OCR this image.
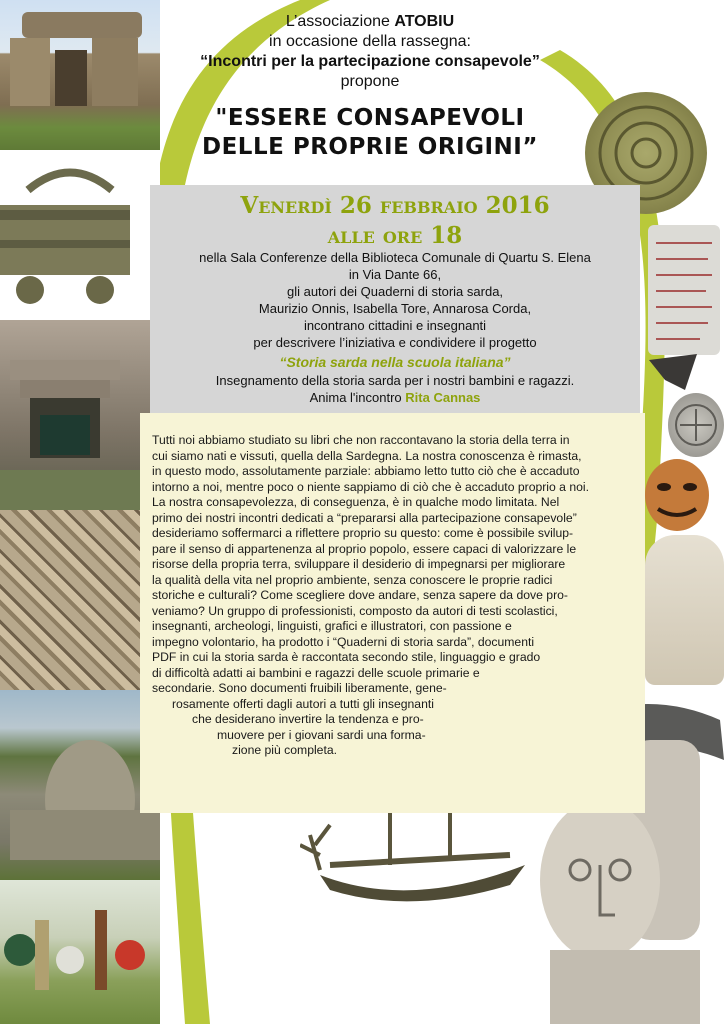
L’associazione ATOBIU
in occasione della rassegna:
“Incontri per la partecipazione consapevole”
propone
"ESSERE CONSAPEVOLI
DELLE PROPRIE ORIGINI”
Venerdì 26 febbraio 2016
alle ore 18
nella Sala Conferenze della Biblioteca Comunale di Quartu S. Elena
in Via Dante 66,
gli autori dei Quaderni di storia sarda,
Maurizio Onnis, Isabella Tore, Annarosa Corda,
incontrano cittadini e insegnanti
per descrivere l’iniziativa e condividere il progetto
“Storia sarda nella scuola italiana”
Insegnamento della storia sarda per i nostri bambini e ragazzi.
Anima l'incontro Rita Cannas
Tutti noi abbiamo studiato su libri che non raccontavano la storia della terra in
cui siamo nati e vissuti, quella della Sardegna. La nostra conoscenza è rimasta,
in questo modo, assolutamente parziale: abbiamo letto tutto ciò che è accaduto
intorno a noi, mentre poco o niente sappiamo di ciò che è accaduto proprio a noi.
La nostra consapevolezza, di conseguenza, è in qualche modo limitata. Nel
primo dei nostri incontri dedicati a “prepararsi alla partecipazione consapevole”
desideriamo soffermarci a riflettere proprio su questo: come è possibile svilup-
pare il senso di appartenenza al proprio popolo, essere capaci di valorizzare le
risorse della propria terra, sviluppare il desiderio di impegnarsi per migliorare
la qualità della vita nel proprio ambiente, senza conoscere le proprie radici
storiche e culturali? Come scegliere dove andare, senza sapere da dove pro-
veniamo? Un gruppo di professionisti, composto da autori di testi scolastici,
insegnanti, archeologi, linguisti, grafici e illustratori, con passione e
impegno volontario, ha prodotto i “Quaderni di storia sarda”, documenti
PDF in cui la storia sarda è raccontata secondo stile, linguaggio e grado
di difficoltà adatti ai bambini e ragazzi delle scuole primarie e
secondarie. Sono documenti fruibili liberamente, gene-
rosamente offerti dagli autori a tutti gli insegnanti
che desiderano invertire la tendenza e pro-
muovere per i giovani sardi una forma-
zione più completa.
